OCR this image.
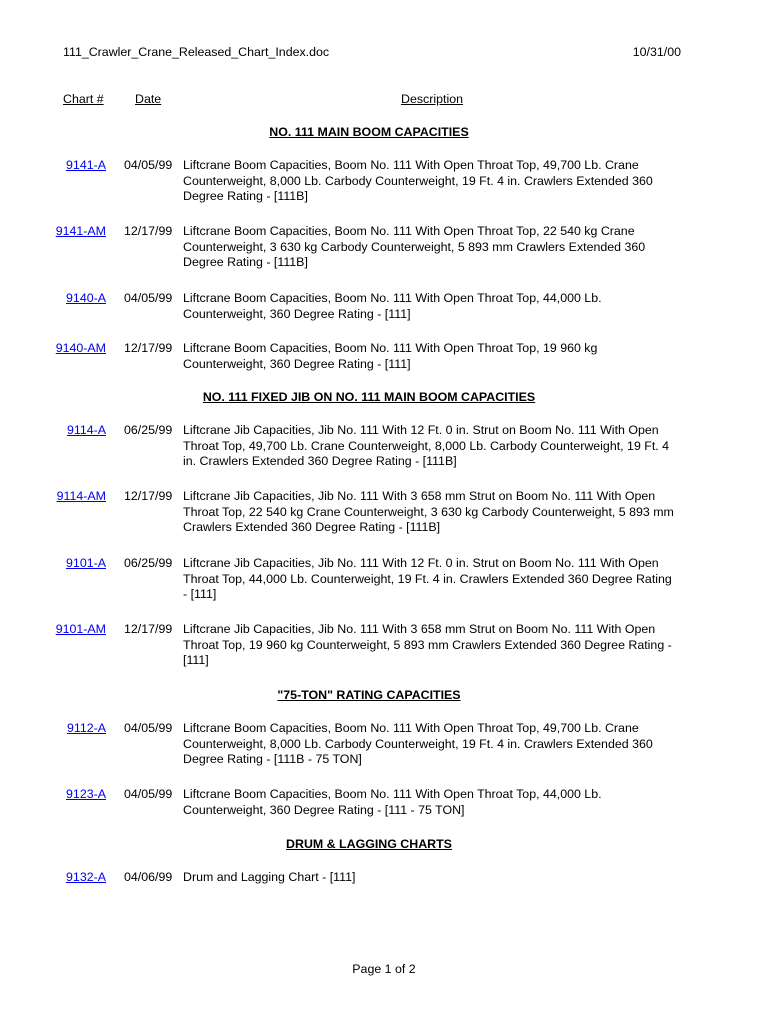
111_Crawler_Crane_Released_Chart_Index.doc	10/31/00
Chart #	Date	Description
NO. 111 MAIN BOOM CAPACITIES
9141-A 04/05/99 Liftcrane Boom Capacities, Boom No. 111 With Open Throat Top, 49,700 Lb. Crane
Counterweight, 8,000 Lb. Carbody Counterweight, 19 Ft. 4 in. Crawlers Extended 360
Degree Rating - [111B]
9141-AM 12/17/99 Liftcrane Boom Capacities, Boom No. 111 With Open Throat Top, 22 540 kg Crane
Counterweight, 3 630 kg Carbody Counterweight, 5 893 mm Crawlers Extended 360
Degree Rating - [111B]
9140-A 04/05/99 Liftcrane Boom Capacities, Boom No. 111 With Open Throat Top, 44,000 Lb.
Counterweight, 360 Degree Rating - [111]
9140-AM 12/17/99 Liftcrane Boom Capacities, Boom No. 111 With Open Throat Top, 19 960 kg
Counterweight, 360 Degree Rating - [111]
NO. 111 FIXED JIB ON NO. 111 MAIN BOOM CAPACITIES
9114-A 06/25/99 Liftcrane Jib Capacities, Jib No. 111 With 12 Ft. 0 in. Strut on Boom No. 111 With Open
Throat Top, 49,700 Lb. Crane Counterweight, 8,000 Lb. Carbody Counterweight, 19 Ft. 4
in. Crawlers Extended 360 Degree Rating - [111B]
9114-AM 12/17/99 Liftcrane Jib Capacities, Jib No. 111 With 3 658 mm Strut on Boom No. 111 With Open
Throat Top, 22 540 kg Crane Counterweight, 3 630 kg Carbody Counterweight, 5 893 mm
Crawlers Extended 360 Degree Rating - [111B]
9101-A 06/25/99 Liftcrane Jib Capacities, Jib No. 111 With 12 Ft. 0 in. Strut on Boom No. 111 With Open
Throat Top, 44,000 Lb. Counterweight, 19 Ft. 4 in. Crawlers Extended 360 Degree Rating
- [111]
9101-AM 12/17/99 Liftcrane Jib Capacities, Jib No. 111 With 3 658 mm Strut on Boom No. 111 With Open
Throat Top, 19 960 kg Counterweight, 5 893 mm Crawlers Extended 360 Degree Rating -
[111]
"75-TON" RATING CAPACITIES
9112-A 04/05/99 Liftcrane Boom Capacities, Boom No. 111 With Open Throat Top, 49,700 Lb. Crane
Counterweight, 8,000 Lb. Carbody Counterweight, 19 Ft. 4 in. Crawlers Extended 360
Degree Rating - [111B - 75 TON]
9123-A 04/05/99 Liftcrane Boom Capacities, Boom No. 111 With Open Throat Top, 44,000 Lb.
Counterweight, 360 Degree Rating - [111 - 75 TON]
DRUM & LAGGING CHARTS
9132-A 04/06/99 Drum and Lagging Chart - [111]
Page 1 of 2
